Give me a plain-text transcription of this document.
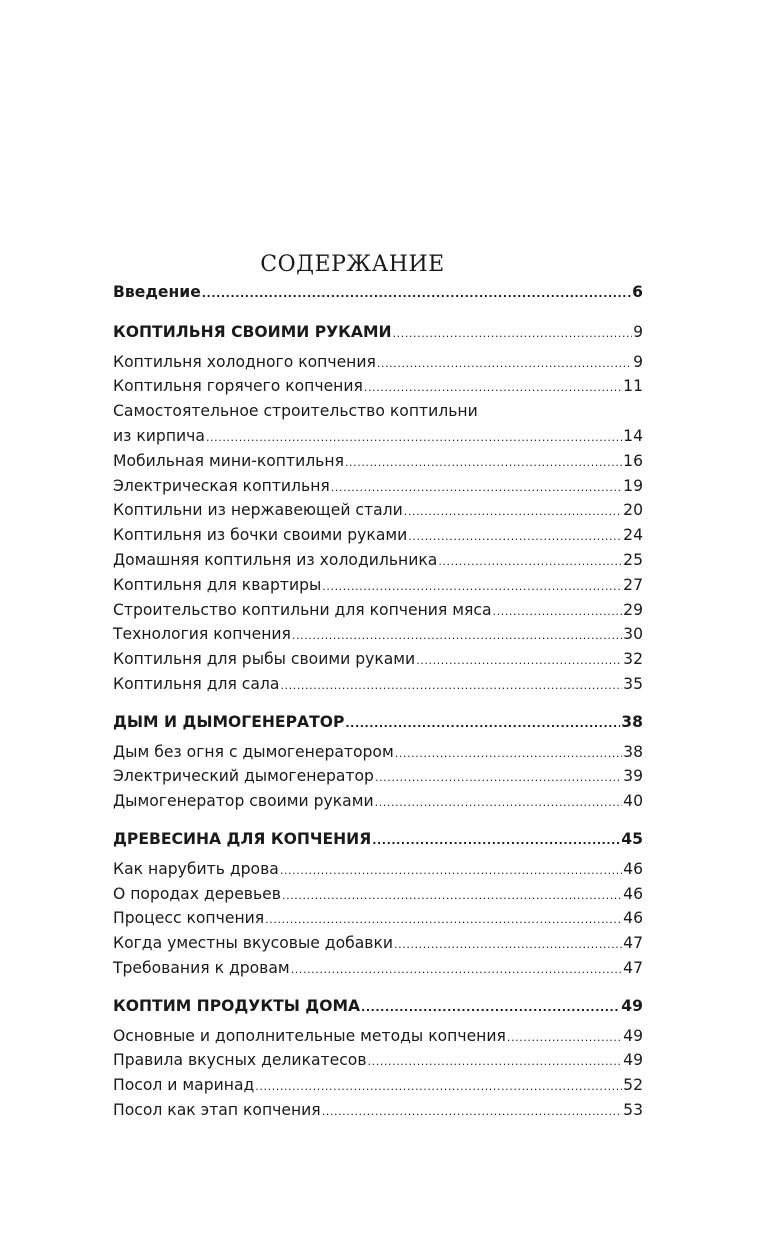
СОДЕРЖАНИЕ
Введение .....	6
КОПТИЛЬНЯ СВОИМИ РУКАМИ .....	9
Коптильня холодного копчения .....	9
Коптильня горячего копчения .....	11
Самостоятельное строительство коптильни
из кирпича .....	14
Мобильная мини-коптильня .....	16
Электрическая коптильня .....	19
Коптильни из нержавеющей стали .....	20
Коптильня из бочки своими руками .....	24
Домашняя коптильня из холодильника .....	25
Коптильня для квартиры .....	27
Строительство коптильни для копчения мяса .....	29
Технология копчения .....	30
Коптильня для рыбы своими руками .....	32
Коптильня для сала .....	35
ДЫМ И ДЫМОГЕНЕРАТОР .....	38
Дым без огня с дымогенератором .....	38
Электрический дымогенератор .....	39
Дымогенератор своими руками .....	40
ДРЕВЕСИНА ДЛЯ КОПЧЕНИЯ .....	45
Как нарубить дрова .....	46
О породах деревьев .....	46
Процесс копчения .....	46
Когда уместны вкусовые добавки .....	47
Требования к дровам .....	47
КОПТИМ ПРОДУКТЫ ДОМА .....	49
Основные и дополнительные методы копчения .....	49
Правила вкусных деликатесов .....	49
Посол и маринад .....	52
Посол как этап копчения .....	53
